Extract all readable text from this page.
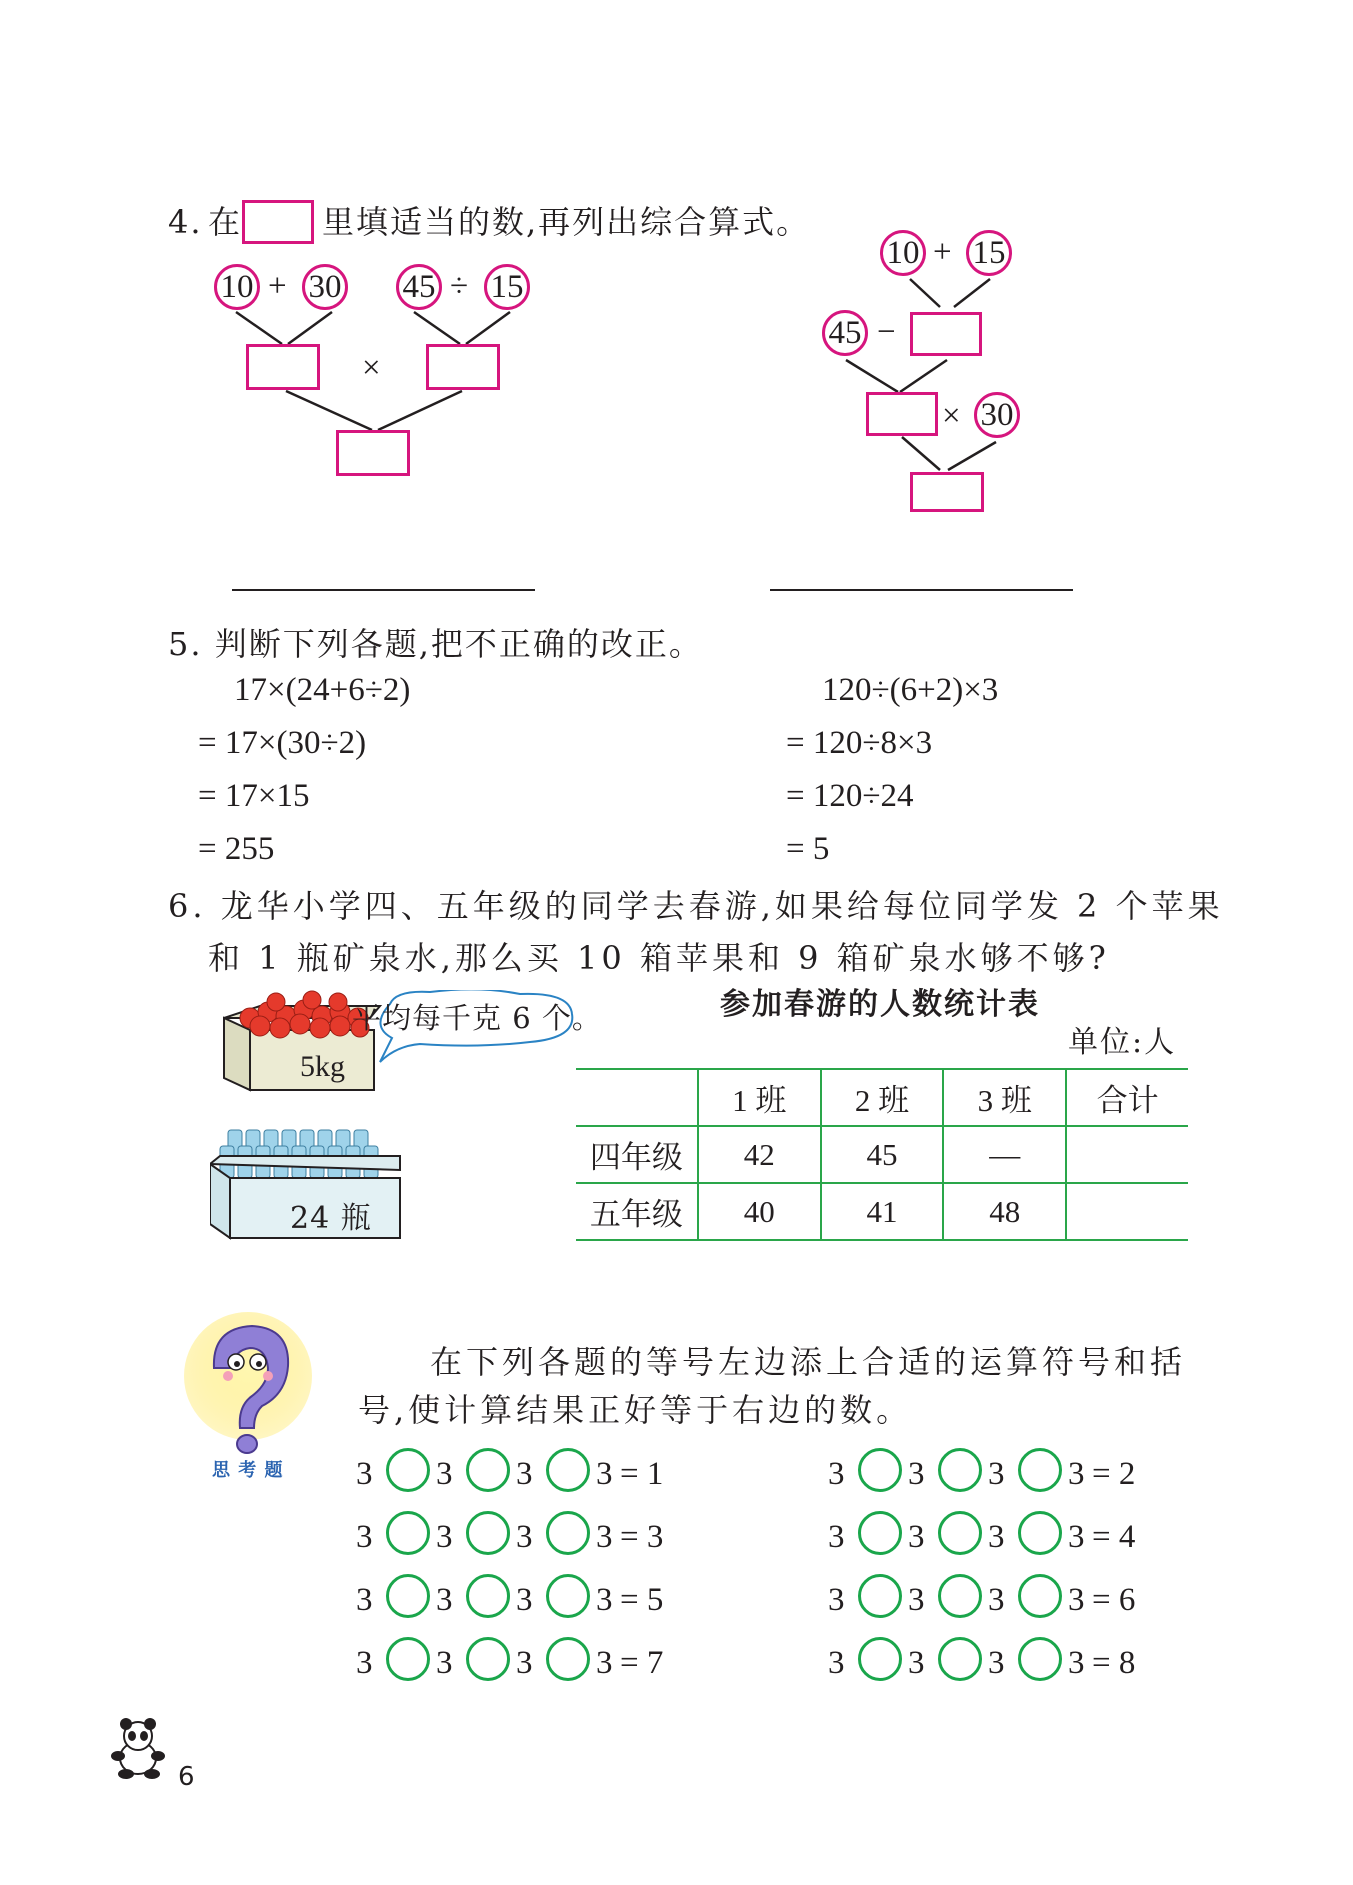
4. 在 里填适当的数,再列出综合算式。
10 + 30 45 ÷ 15
×
10 + 15
45 −
× 30
5. 判断下列各题,把不正确的改正。
17×(24+6÷2)
= 17×(30÷2)
= 17×15
= 255
120÷(6+2)×3
= 120÷8×3
= 120÷24
= 5
6. 龙华小学四、五年级的同学去春游,如果给每位同学发 2 个苹果
和 1 瓶矿泉水,那么买 10 箱苹果和 9 箱矿泉水够不够?
平均每千克 6 个。
5kg
24 瓶
参加春游的人数统计表
单位:人
	1 班	2 班	3 班	合计
四年级	42	45	—	
五年级	40	41	48	
思 考 题
在下列各题的等号左边添上合适的运算符号和括
号,使计算结果正好等于右边的数。
3 3 3 3 = 1
3 3 3 3 = 3
3 3 3 3 = 5
3 3 3 3 = 7
3 3 3 3 = 2
3 3 3 3 = 4
3 3 3 3 = 6
3 3 3 3 = 8
6
